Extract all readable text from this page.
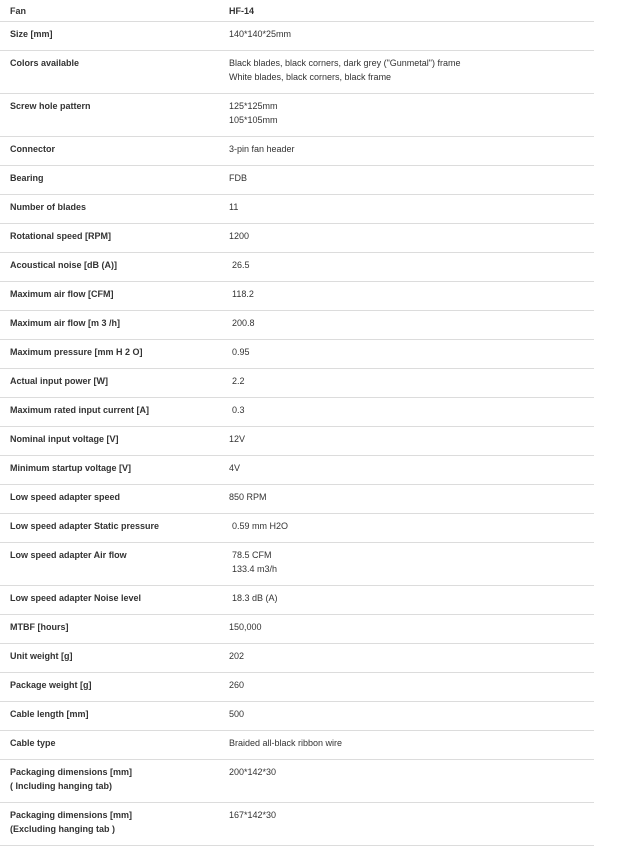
Fan	HF-14
Size [mm]	140*140*25mm
Colors available	Black blades, black corners, dark grey ("Gunmetal") frame
White blades, black corners, black frame
Screw hole pattern	125*125mm
105*105mm
Connector	3-pin fan header
Bearing	FDB
Number of blades	11
Rotational speed [RPM]	1200
Acoustical noise [dB (A)]	26.5
Maximum air flow [CFM]	118.2
Maximum air flow [m 3 /h]	200.8
Maximum pressure [mm H 2 O]	0.95
Actual input power [W]	2.2
Maximum rated input current [A]	0.3
Nominal input voltage [V]	12V
Minimum startup voltage [V]	4V
Low speed adapter speed	850 RPM
Low speed adapter Static pressure	0.59 mm H2O
Low speed adapter Air flow	78.5 CFM
133.4 m3/h
Low speed adapter Noise level	18.3 dB (A)
MTBF [hours]	150,000
Unit weight [g]	202
Package weight [g]	260
Cable length [mm]	500
Cable type	Braided all-black ribbon wire
Packaging dimensions [mm]
( Including hanging tab)
200*142*30
Packaging dimensions [mm]
(Excluding hanging tab )
167*142*30
